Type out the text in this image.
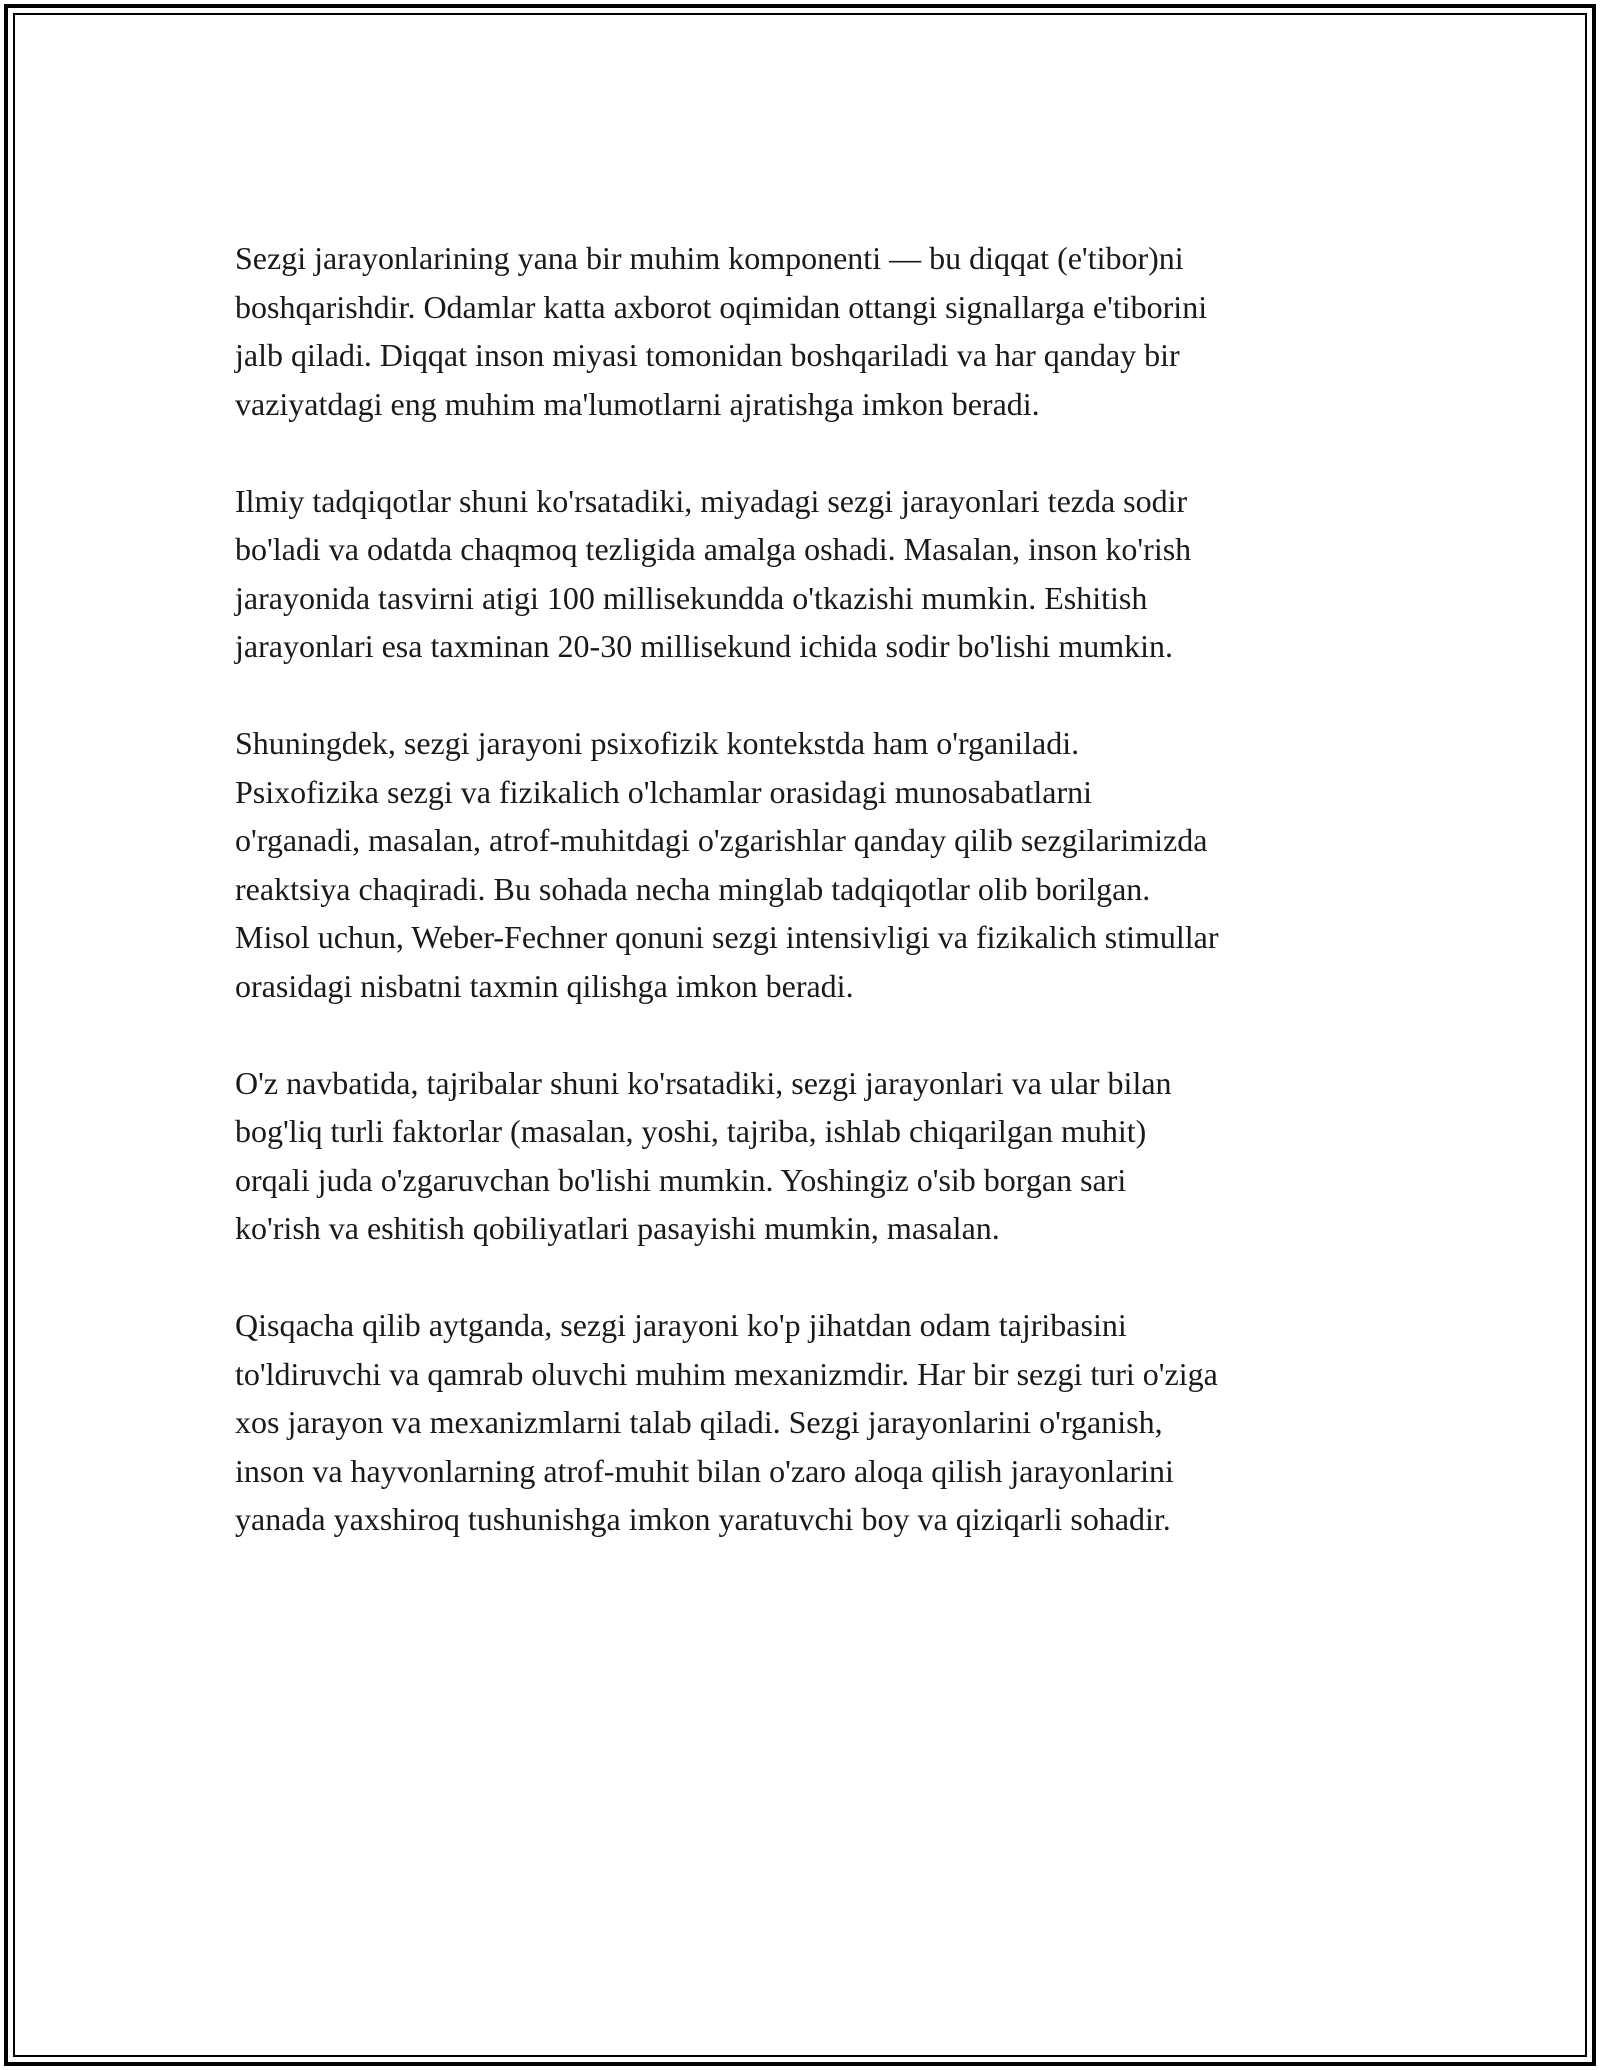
Sezgi jarayonlarining yana bir muhim komponenti — bu diqqat (e'tibor)ni
boshqarishdir. Odamlar katta axborot oqimidan ottangi signallarga e'tiborini
jalb qiladi. Diqqat inson miyasi tomonidan boshqariladi va har qanday bir
vaziyatdagi eng muhim ma'lumotlarni ajratishga imkon beradi.

Ilmiy tadqiqotlar shuni ko'rsatadiki, miyadagi sezgi jarayonlari tezda sodir
bo'ladi va odatda chaqmoq tezligida amalga oshadi. Masalan, inson ko'rish
jarayonida tasvirni atigi 100 millisekundda o'tkazishi mumkin. Eshitish
jarayonlari esa taxminan 20-30 millisekund ichida sodir bo'lishi mumkin.

Shuningdek, sezgi jarayoni psixofizik kontekstda ham o'rganiladi.
Psixofizika sezgi va fizikalich o'lchamlar orasidagi munosabatlarni
o'rganadi, masalan, atrof-muhitdagi o'zgarishlar qanday qilib sezgilarimizda
reaktsiya chaqiradi. Bu sohada necha minglab tadqiqotlar olib borilgan.
Misol uchun, Weber-Fechner qonuni sezgi intensivligi va fizikalich stimullar
orasidagi nisbatni taxmin qilishga imkon beradi.

O'z navbatida, tajribalar shuni ko'rsatadiki, sezgi jarayonlari va ular bilan
bog'liq turli faktorlar (masalan, yoshi, tajriba, ishlab chiqarilgan muhit)
orqali juda o'zgaruvchan bo'lishi mumkin. Yoshingiz o'sib borgan sari
ko'rish va eshitish qobiliyatlari pasayishi mumkin, masalan.

Qisqacha qilib aytganda, sezgi jarayoni ko'p jihatdan odam tajribasini
to'ldiruvchi va qamrab oluvchi muhim mexanizmdir. Har bir sezgi turi o'ziga
xos jarayon va mexanizmlarni talab qiladi. Sezgi jarayonlarini o'rganish,
inson va hayvonlarning atrof-muhit bilan o'zaro aloqa qilish jarayonlarini
yanada yaxshiroq tushunishga imkon yaratuvchi boy va qiziqarli sohadir.
